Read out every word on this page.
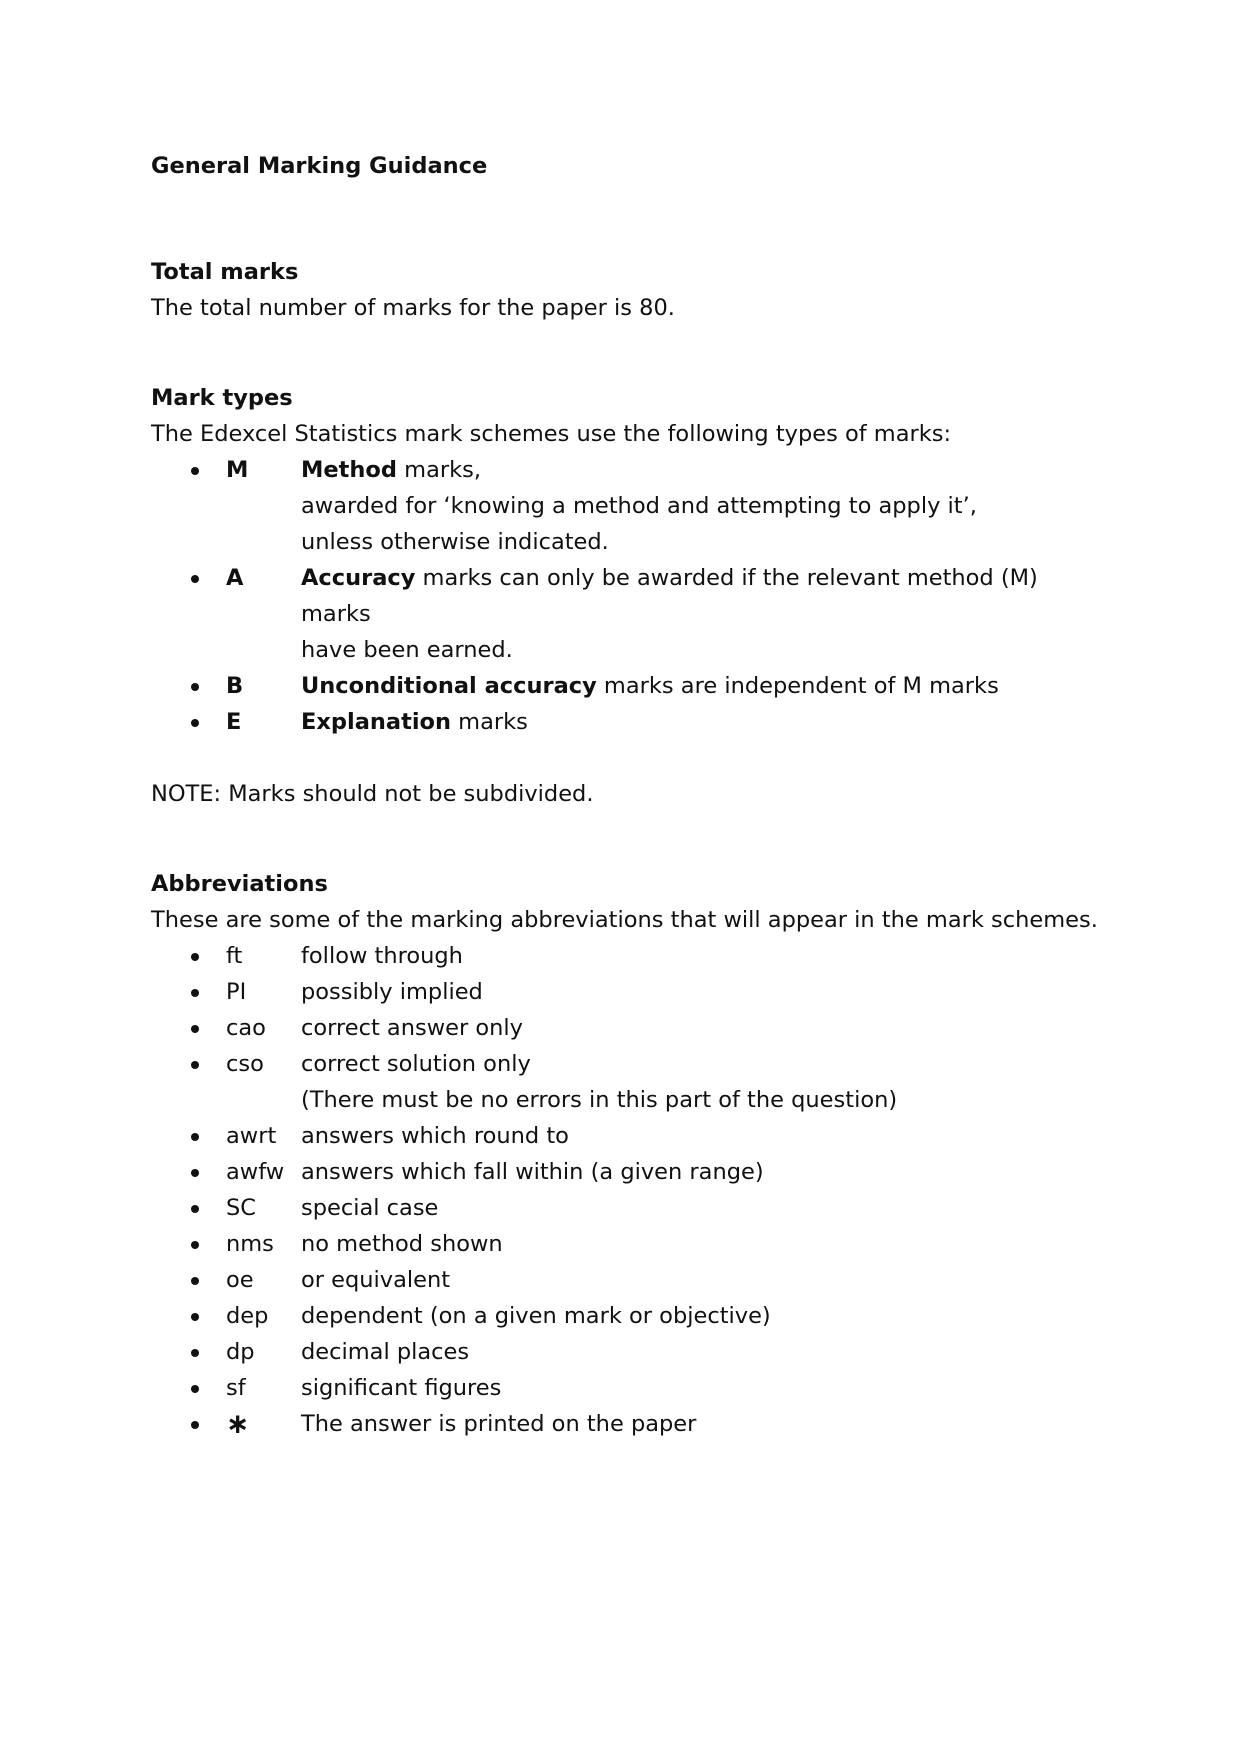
General Marking Guidance

Total marks

The total number of marks for the paper is 80.

Mark types

The Edexcel Statistics mark schemes use the following types of marks:

M	Method marks,
awarded for ‘knowing a method and attempting to apply it’,
unless otherwise indicated.
A	Accuracy marks can only be awarded if the relevant method (M) marks
have been earned.
B	Unconditional accuracy marks are independent of M marks
E	Explanation marks

NOTE: Marks should not be subdivided.

Abbreviations

These are some of the marking abbreviations that will appear in the mark schemes.

ft	follow through
PI	possibly implied
cao	correct answer only
cso	correct solution only
(There must be no errors in this part of the question)
awrt	answers which round to
awfw answers which fall within (a given range)
SC	special case
nms	no method shown
oe	or equivalent
dep	dependent (on a given mark or objective)
dp	decimal places
sf	significant figures
∗	The answer is printed on the paper
